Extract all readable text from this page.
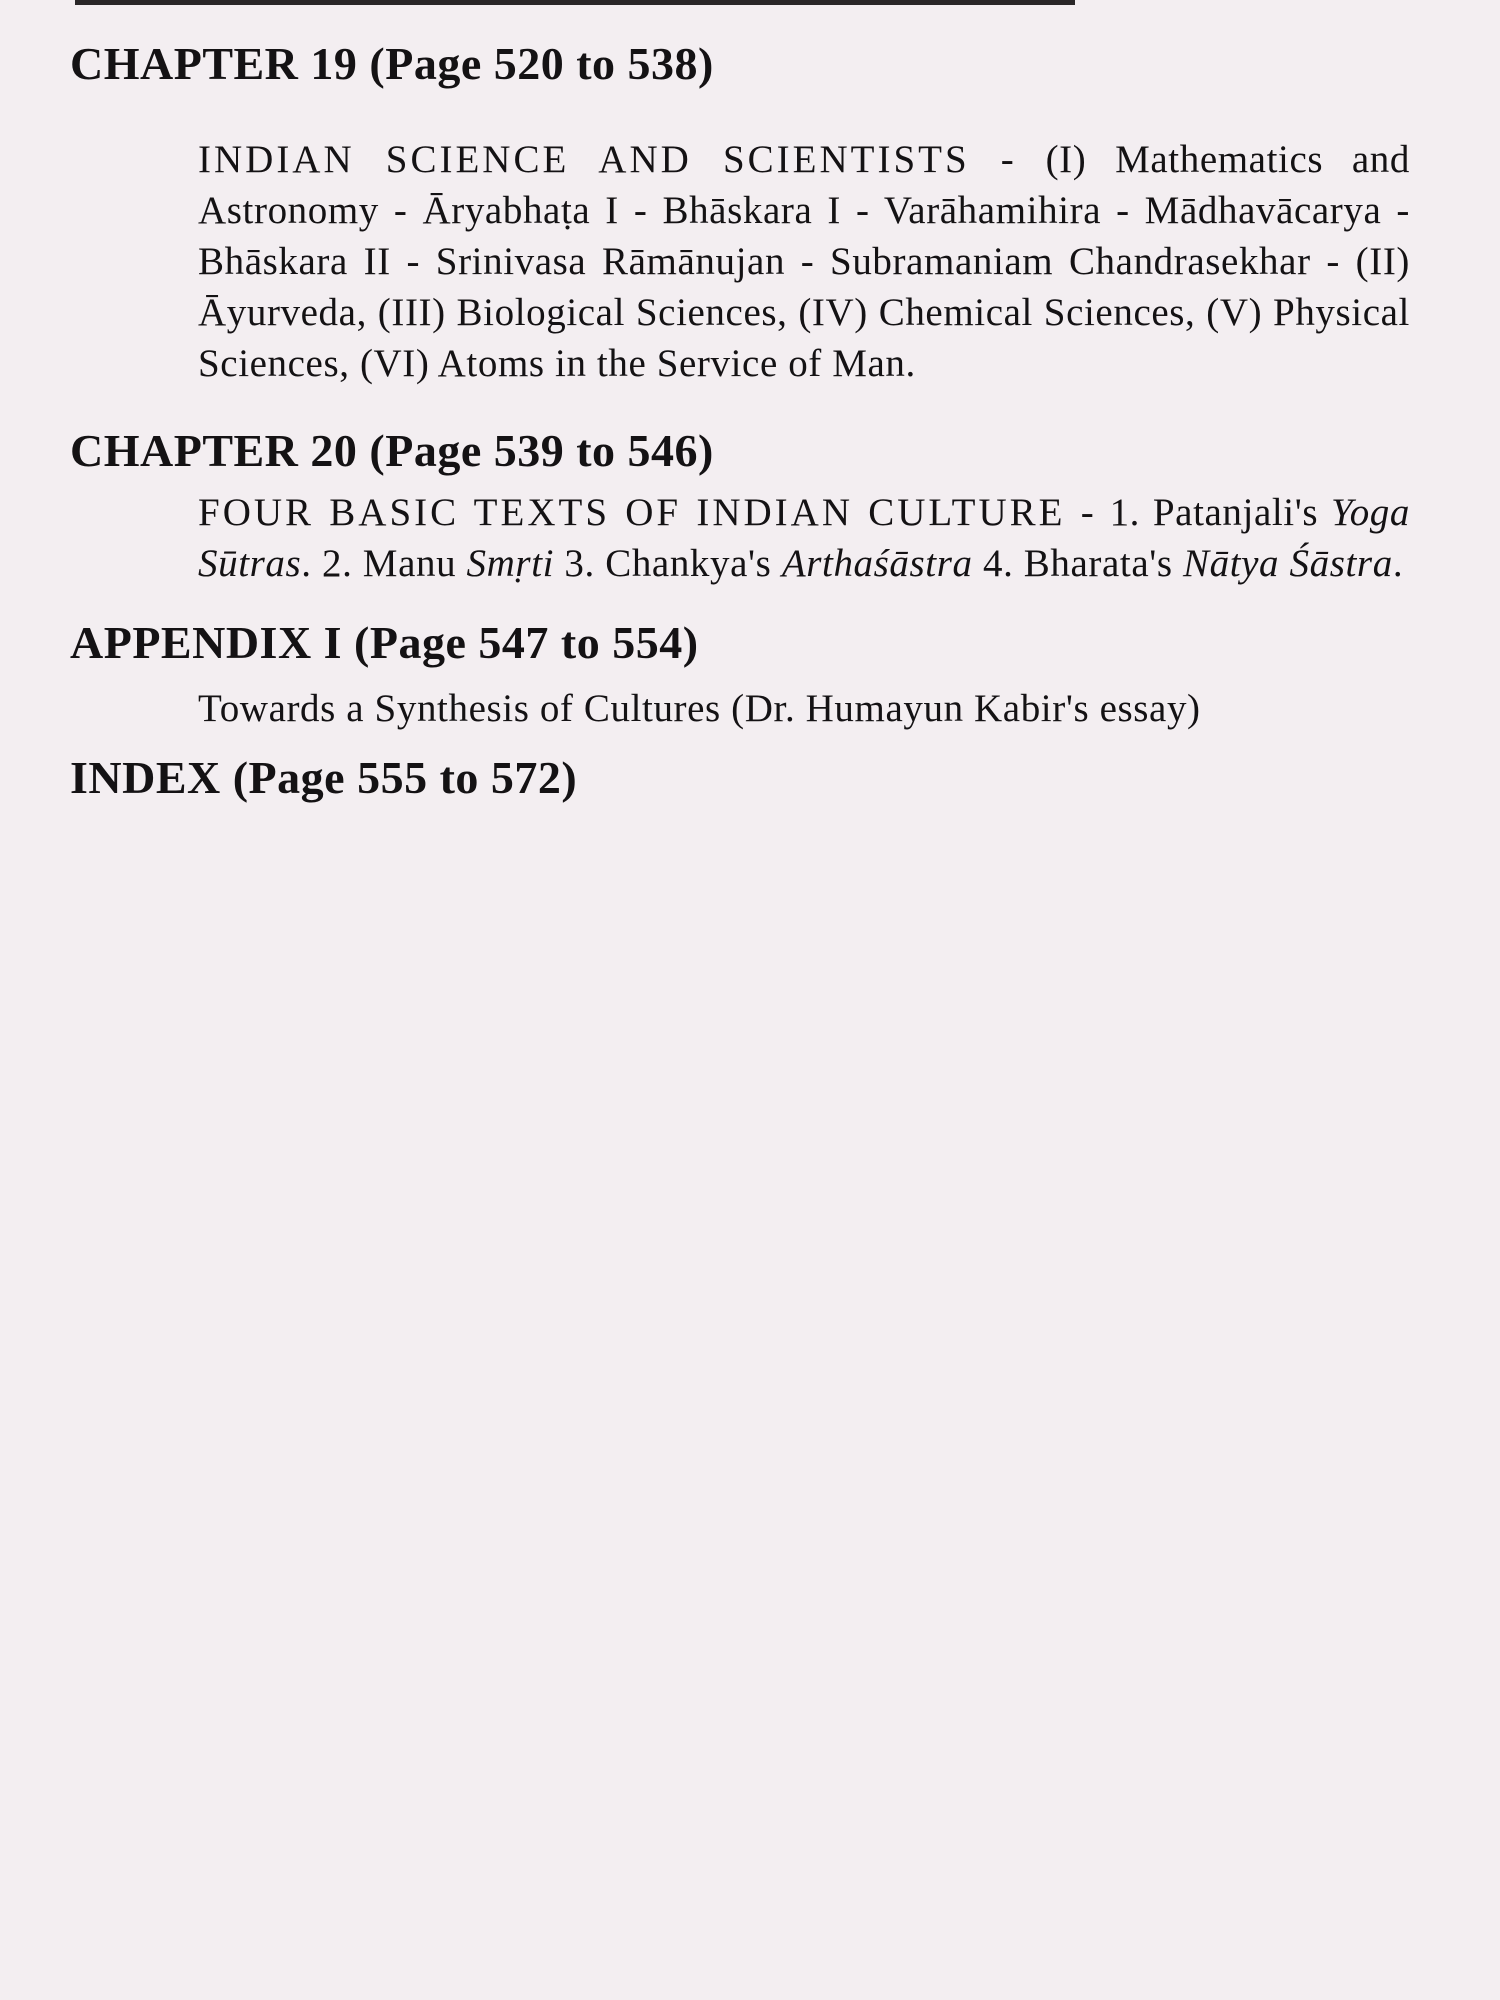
CHAPTER 19 (Page 520 to 538)
INDIAN SCIENCE AND SCIENTISTS - (I) Mathematics and Astronomy - Āryabhaṭa I - Bhāskara I - Varāhamihira - Mādhavācarya - Bhāskara II - Srinivasa Rāmānujan - Subramaniam Chandrasekhar - (II) Āyurveda, (III) Biological Sciences, (IV) Chemical Sciences, (V) Physical Sciences, (VI) Atoms in the Service of Man.
CHAPTER 20 (Page 539 to 546)
FOUR BASIC TEXTS OF INDIAN CULTURE - 1. Patanjali's Yoga Sūtras. 2. Manu Smṛti 3. Chankya's Arthaśāstra 4. Bharata's Nātya Śāstra.
APPENDIX I (Page 547 to 554)
Towards a Synthesis of Cultures (Dr. Humayun Kabir's essay)
INDEX (Page 555 to 572)
